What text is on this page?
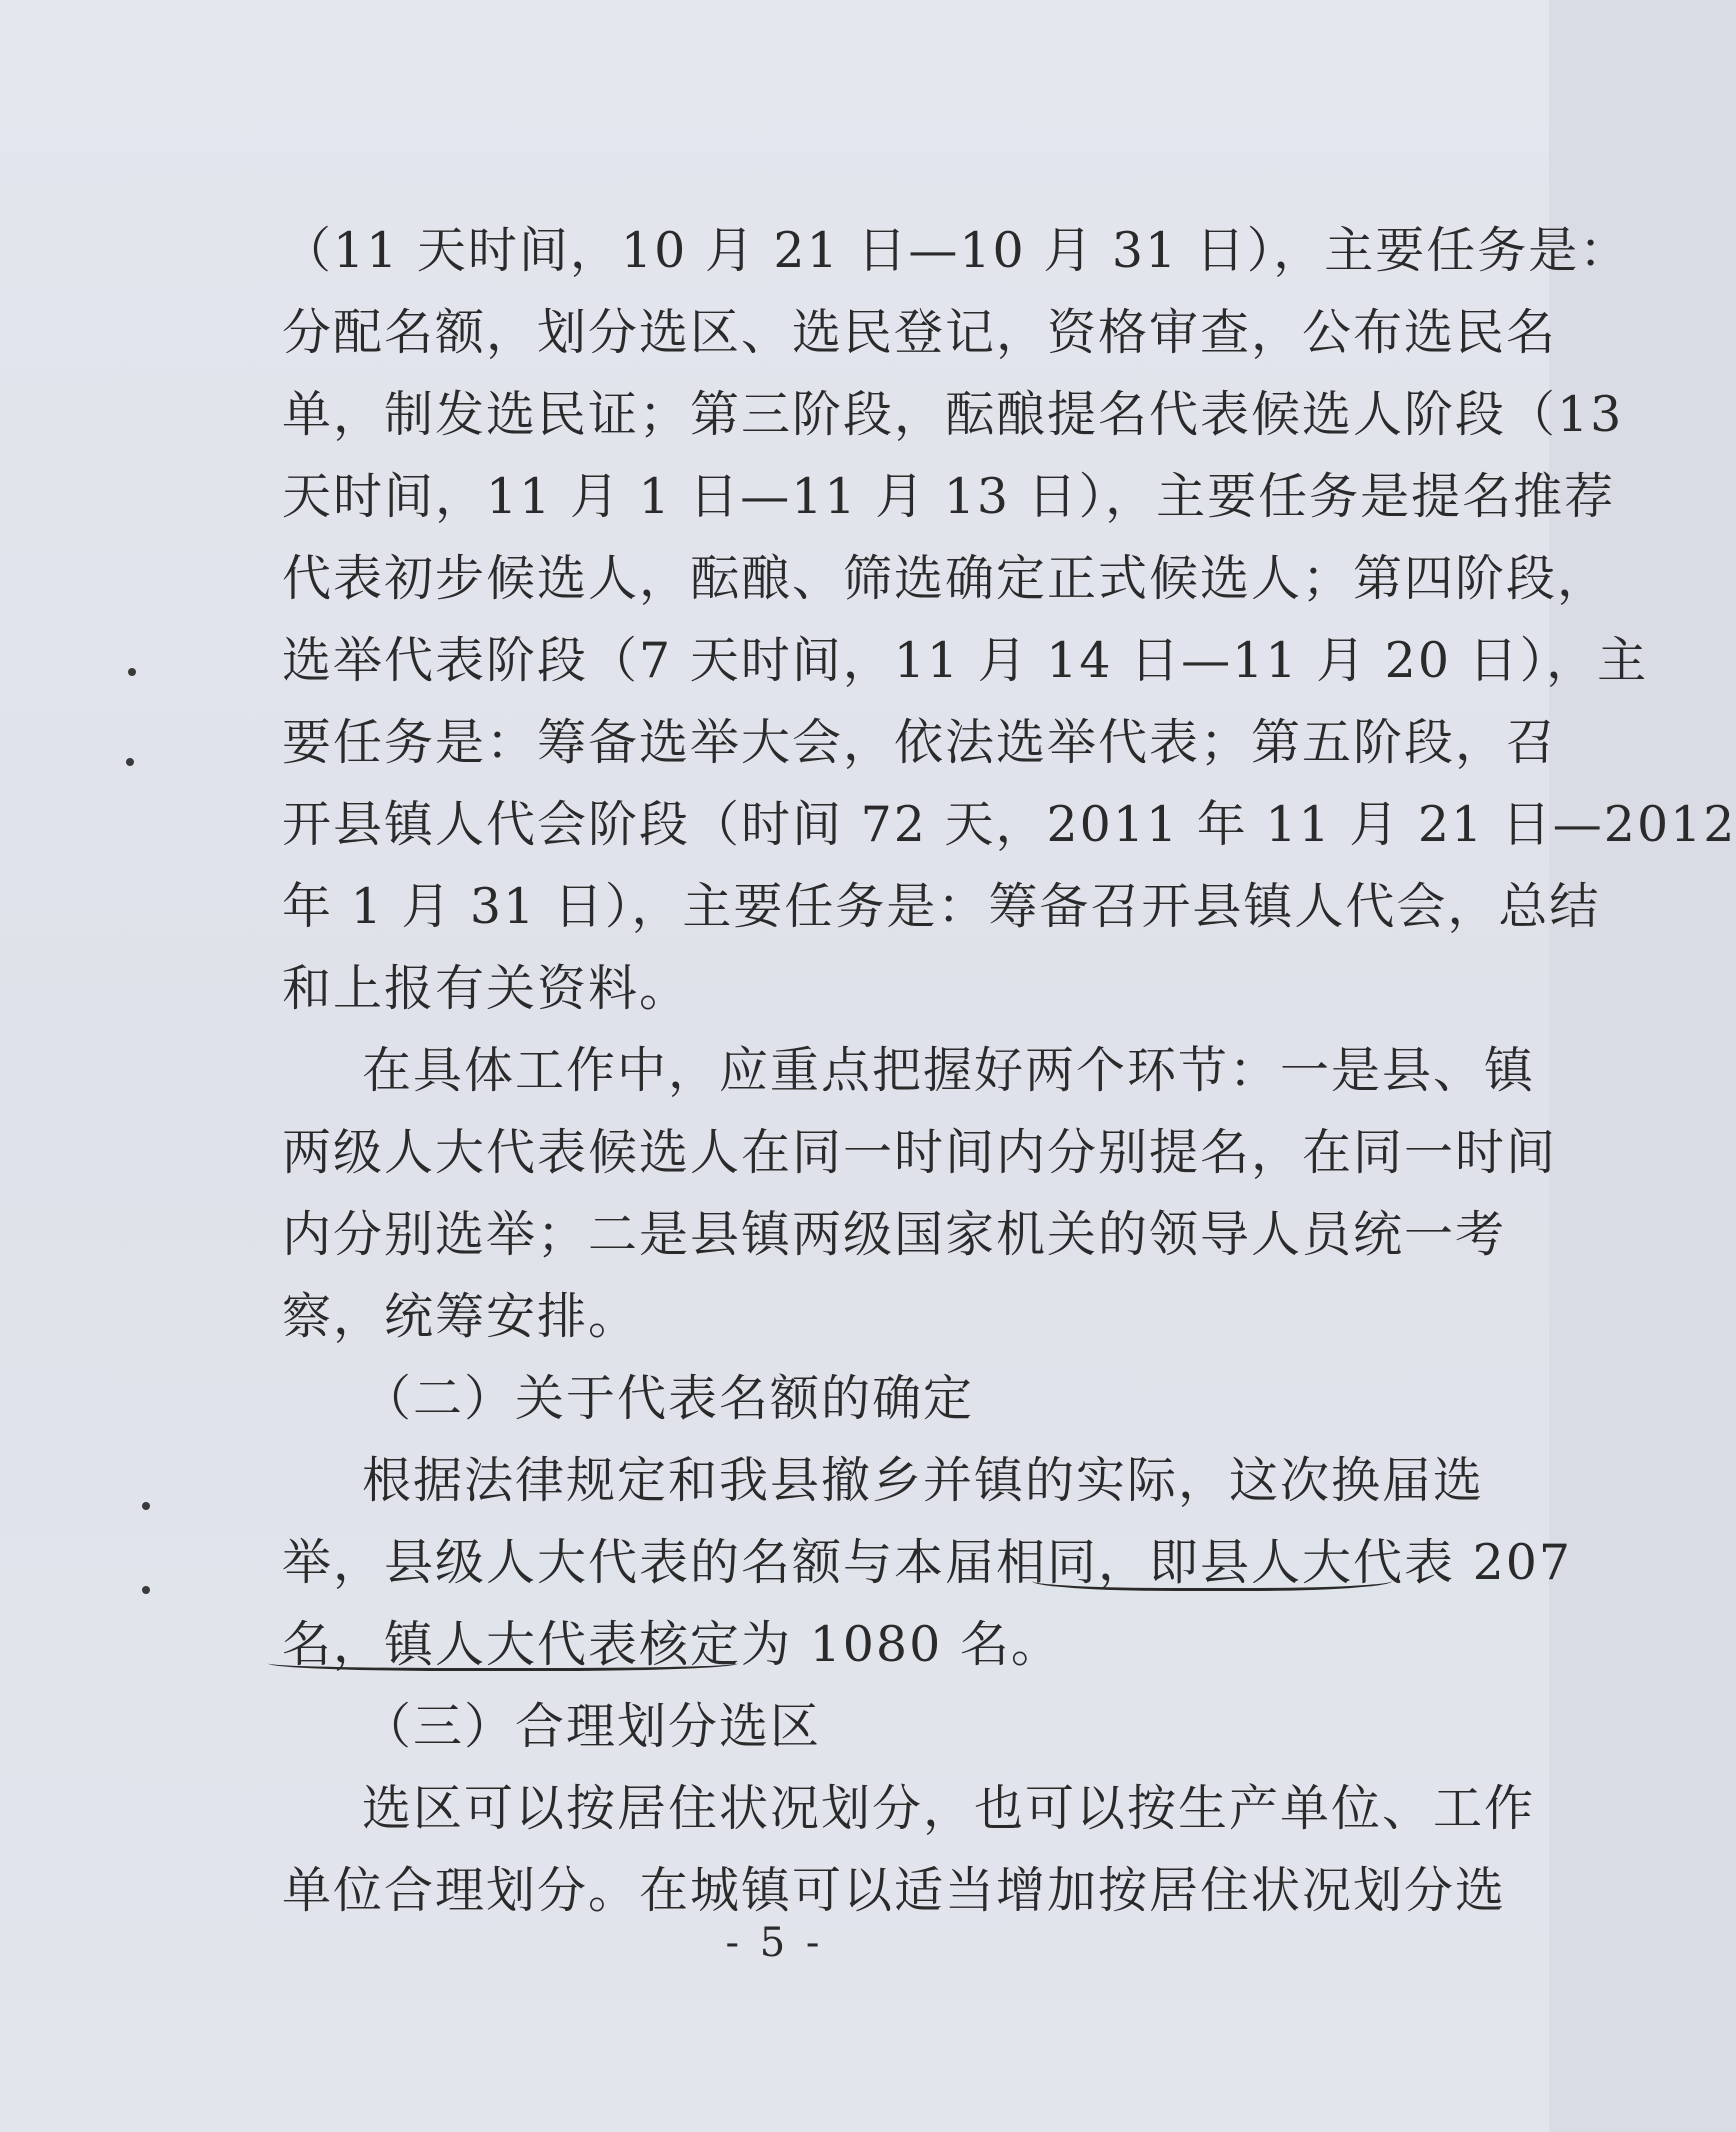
（11 天时间，10 月 21 日—10 月 31 日），主要任务是：
分配名额，划分选区、选民登记，资格审查，公布选民名
单，制发选民证；第三阶段，酝酿提名代表候选人阶段（13
天时间，11 月 1 日—11 月 13 日），主要任务是提名推荐
代表初步候选人，酝酿、筛选确定正式候选人；第四阶段，
选举代表阶段（7 天时间，11 月 14 日—11 月 20 日），主
要任务是：筹备选举大会，依法选举代表；第五阶段，召
开县镇人代会阶段（时间 72 天，2011 年 11 月 21 日—2012
年 1 月 31 日），主要任务是：筹备召开县镇人代会，总结
和上报有关资料。
在具体工作中，应重点把握好两个环节：一是县、镇
两级人大代表候选人在同一时间内分别提名，在同一时间
内分别选举；二是县镇两级国家机关的领导人员统一考
察，统筹安排。
（二）关于代表名额的确定
根据法律规定和我县撤乡并镇的实际，这次换届选
举，县级人大代表的名额与本届相同，即县人大代表 207
名，镇人大代表核定为 1080 名。
（三）合理划分选区
选区可以按居住状况划分，也可以按生产单位、工作
单位合理划分。在城镇可以适当增加按居住状况划分选
- 5 -
